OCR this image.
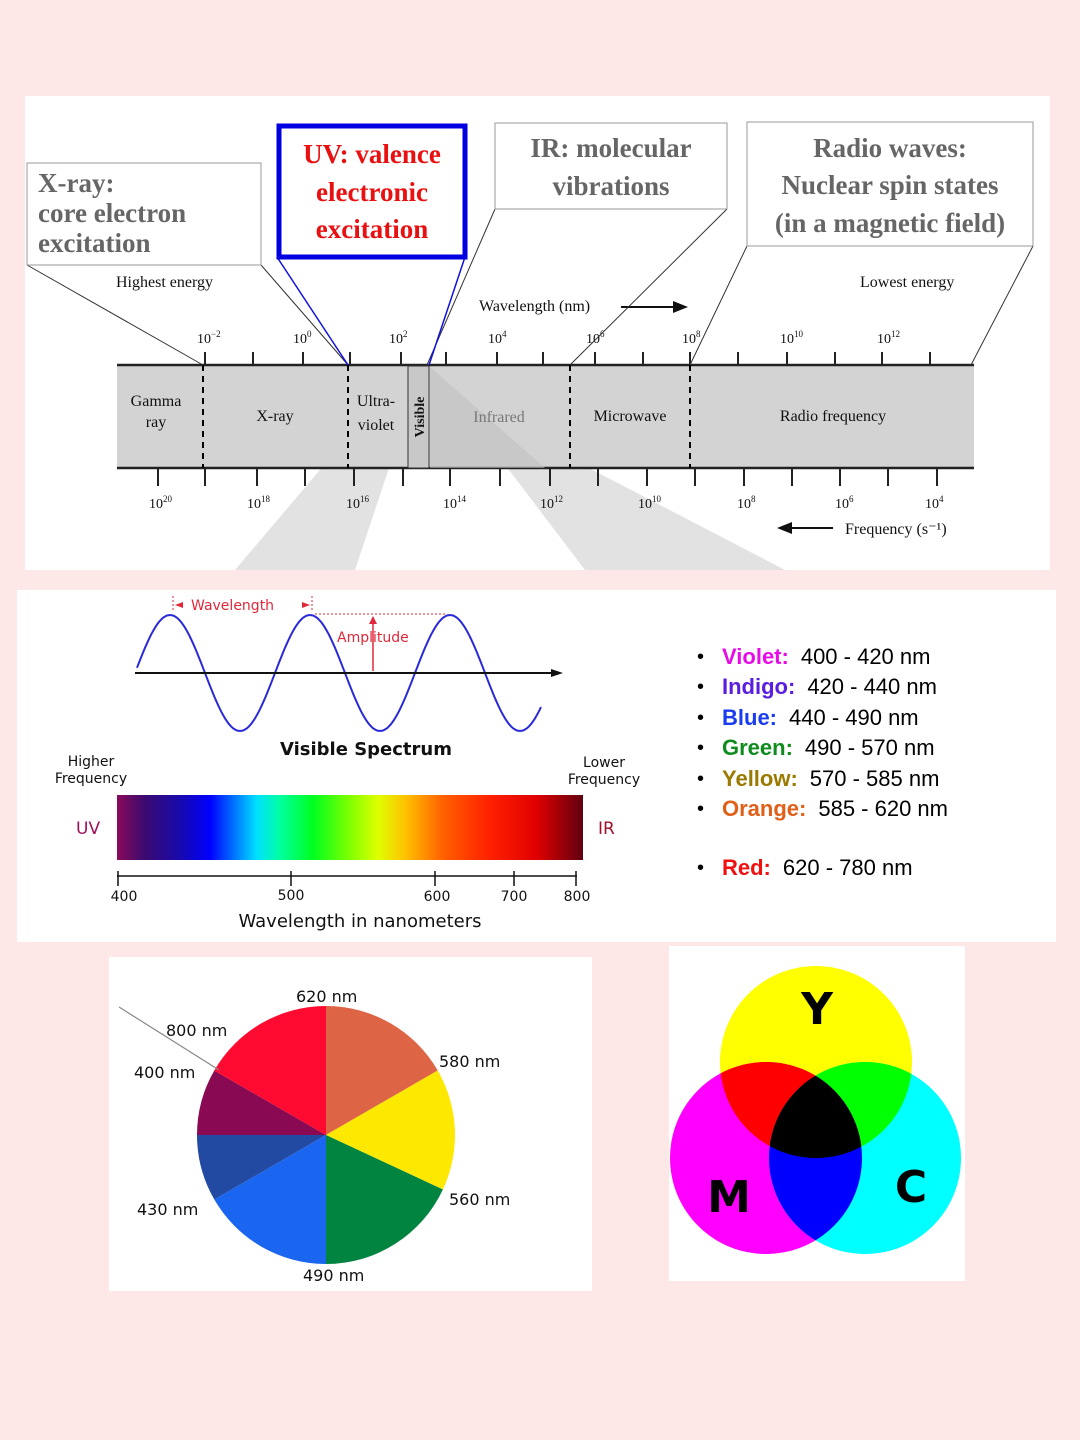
$10^{-2}$	$10^0$	$10^2$	$10^4$	$10^6$	$10^8$	$10^{10}$	$10^{12}$
$10^{20}$	$10^{18}$	$10^{16}$	$10^{14}$	$10^{12}$	$10^{10}$	$10^8$	$10^6$	$10^4$
Gamma
ray	X-ray
Ultra-
violet	Infrared	Microwave	Radio frequency
Visible
Highest energy	Lowest energy
Wavelength (nm)
Frequency (s⁻¹)
X-ray:
core electron
excitation
UV: valence
electronic
excitation
IR: molecular
vibrations
Radio waves:
Nuclear spin states
(in a magnetic field)
Wavelength
Amplitude
Visible Spectrum
Higher
Frequency
Lower
Frequency
UV	IR
400	500	600	700	800
Wavelength in nanometers
• Violet: 400 - 420 nm
• Indigo: 420 - 440 nm
• Blue: 440 - 490 nm
• Green: 490 - 570 nm
• Yellow: 570 - 585 nm
• Orange: 585 - 620 nm
• Red: 620 - 780 nm
620 nm
800 nm
400 nm
580 nm
430 nm
560 nm
490 nm
Y
M	C
